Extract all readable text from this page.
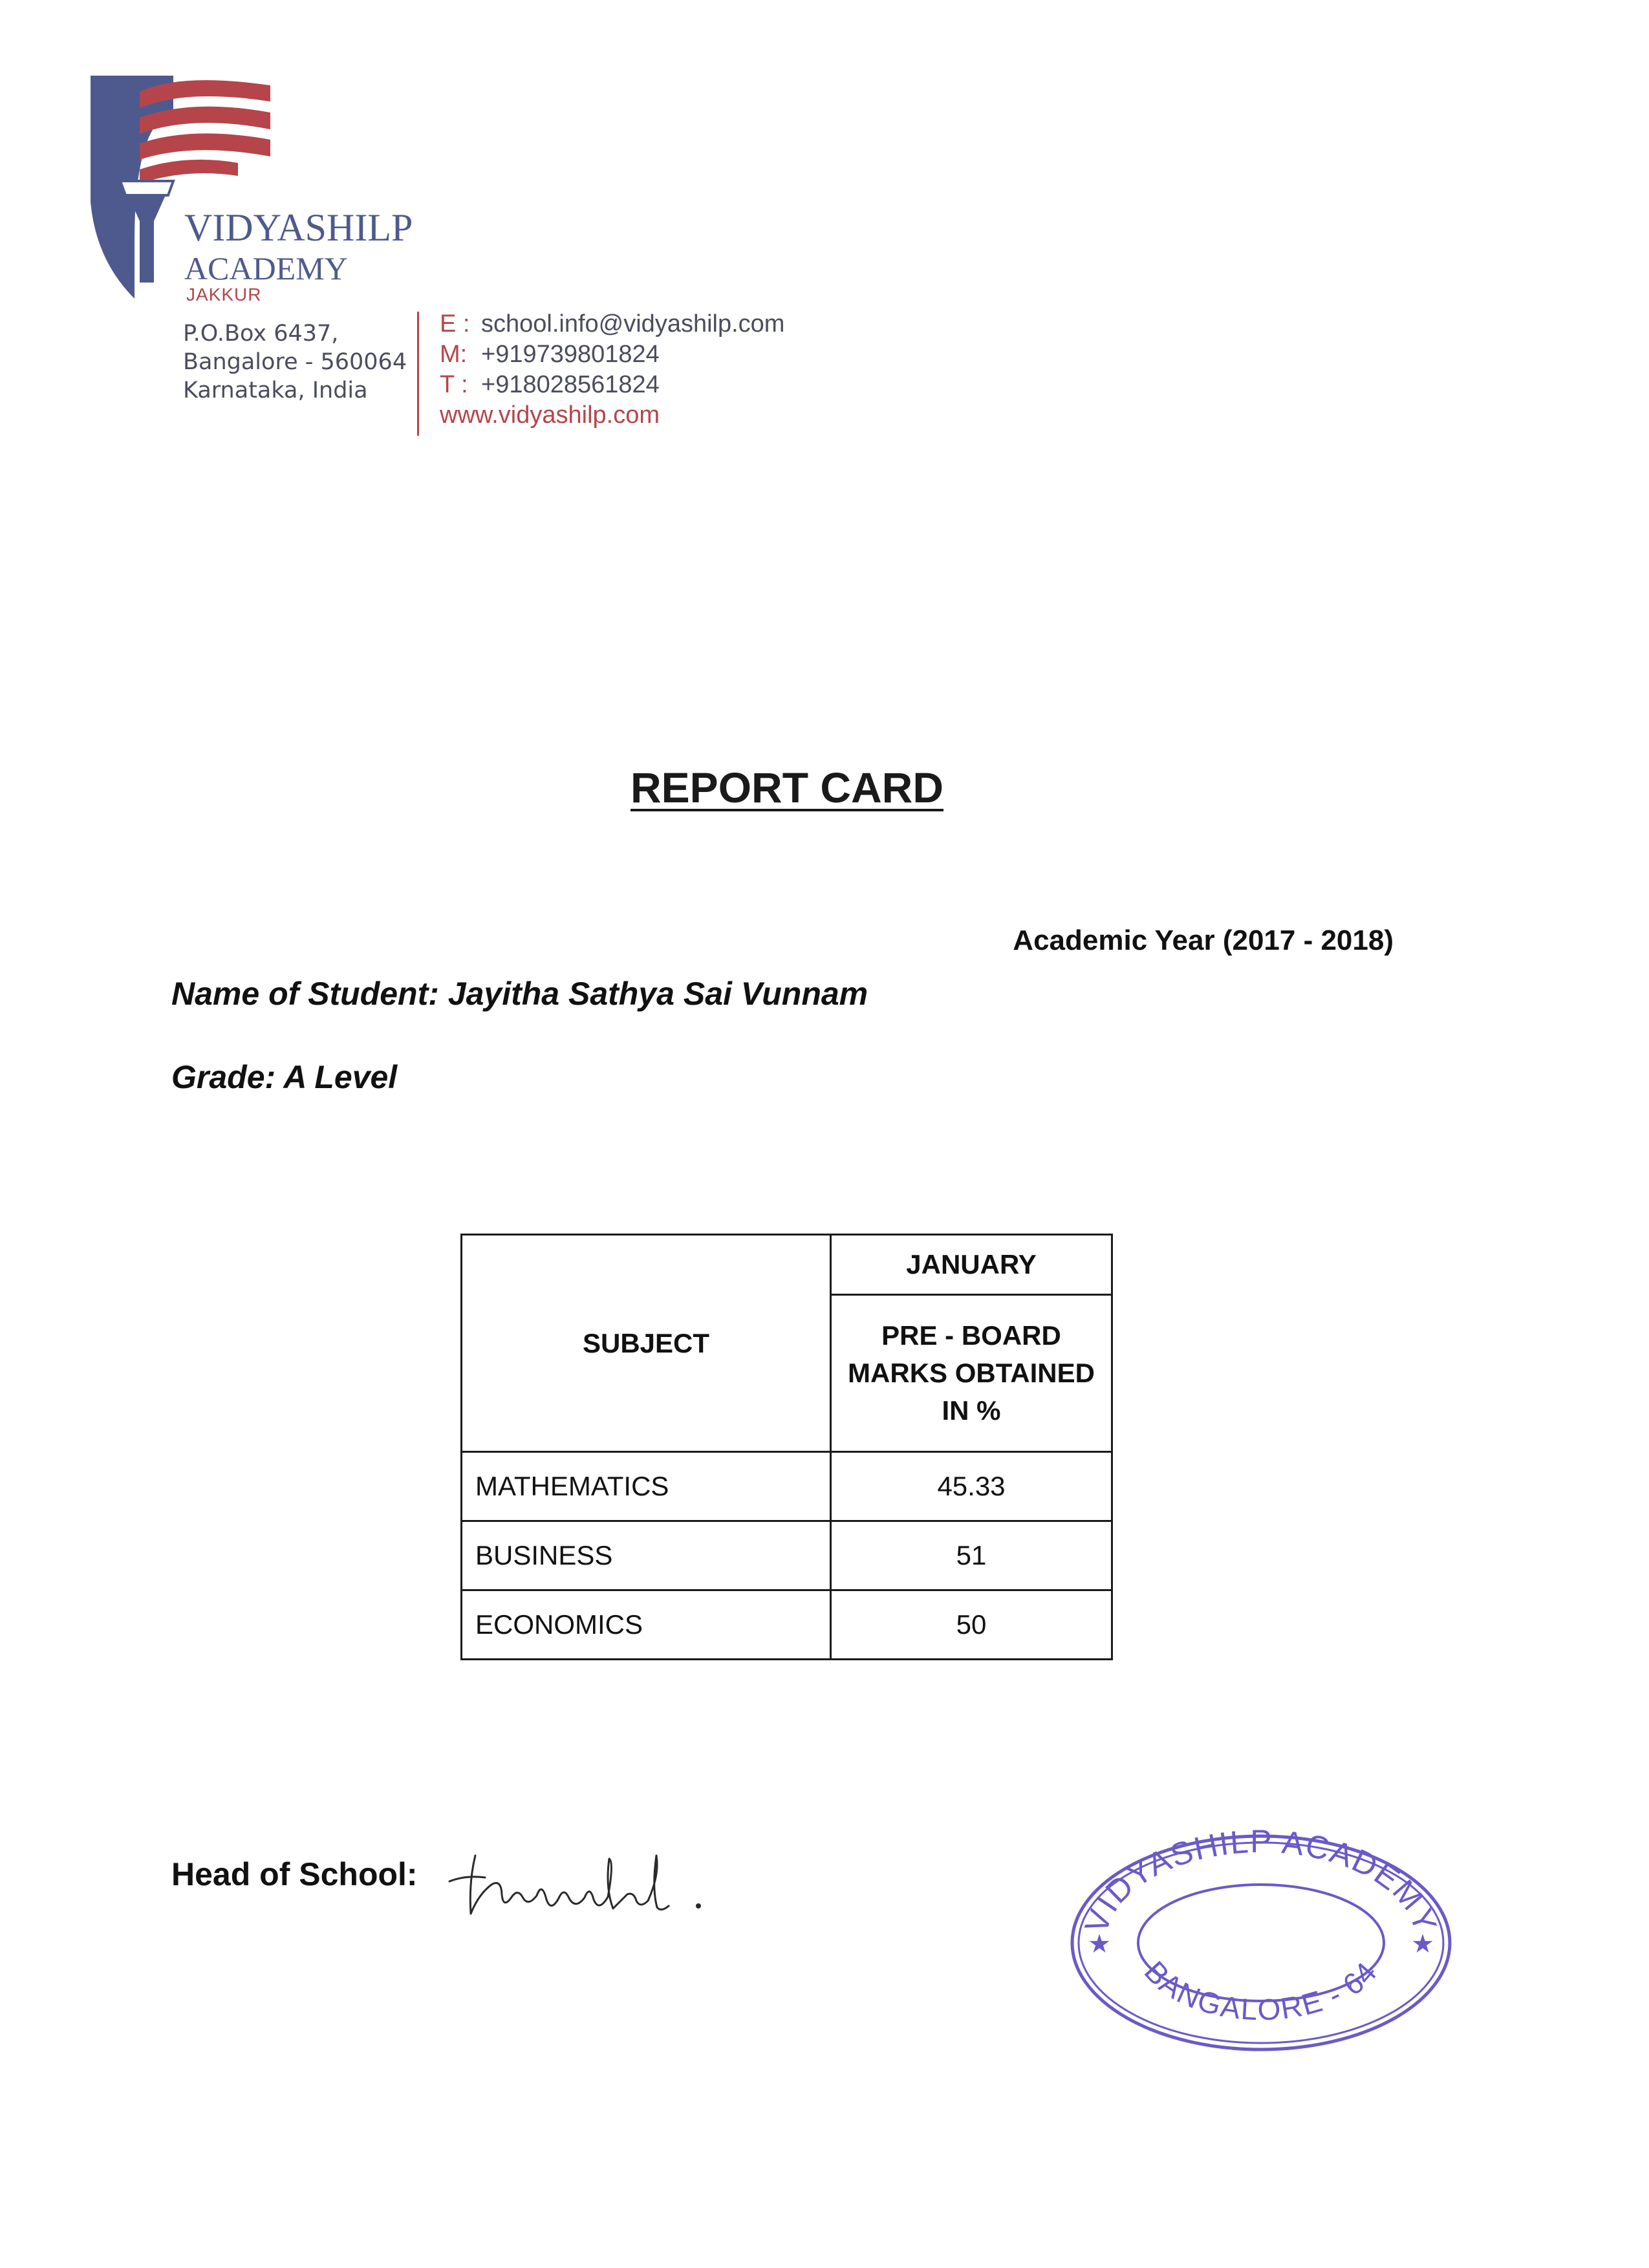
VIDYASHILP
ACADEMY
JAKKUR
P.O.Box 6437,
Bangalore - 560064
Karnataka, India
E : school.info@vidyashilp.com
M: +919739801824
T : +918028561824
www.vidyashilp.com
REPORT CARD
Academic Year (2017 - 2018)
Name of Student: Jayitha Sathya Sai Vunnam
Grade: A Level
SUBJECT	JANUARY

	PRE - BOARD
MARKS OBTAINED
IN %

MATHEMATICS	45.33
BUSINESS	51
ECONOMICS	50
Head of School:
VIDYASHILP ACADEMY
BANGALORE - 64
★	★
